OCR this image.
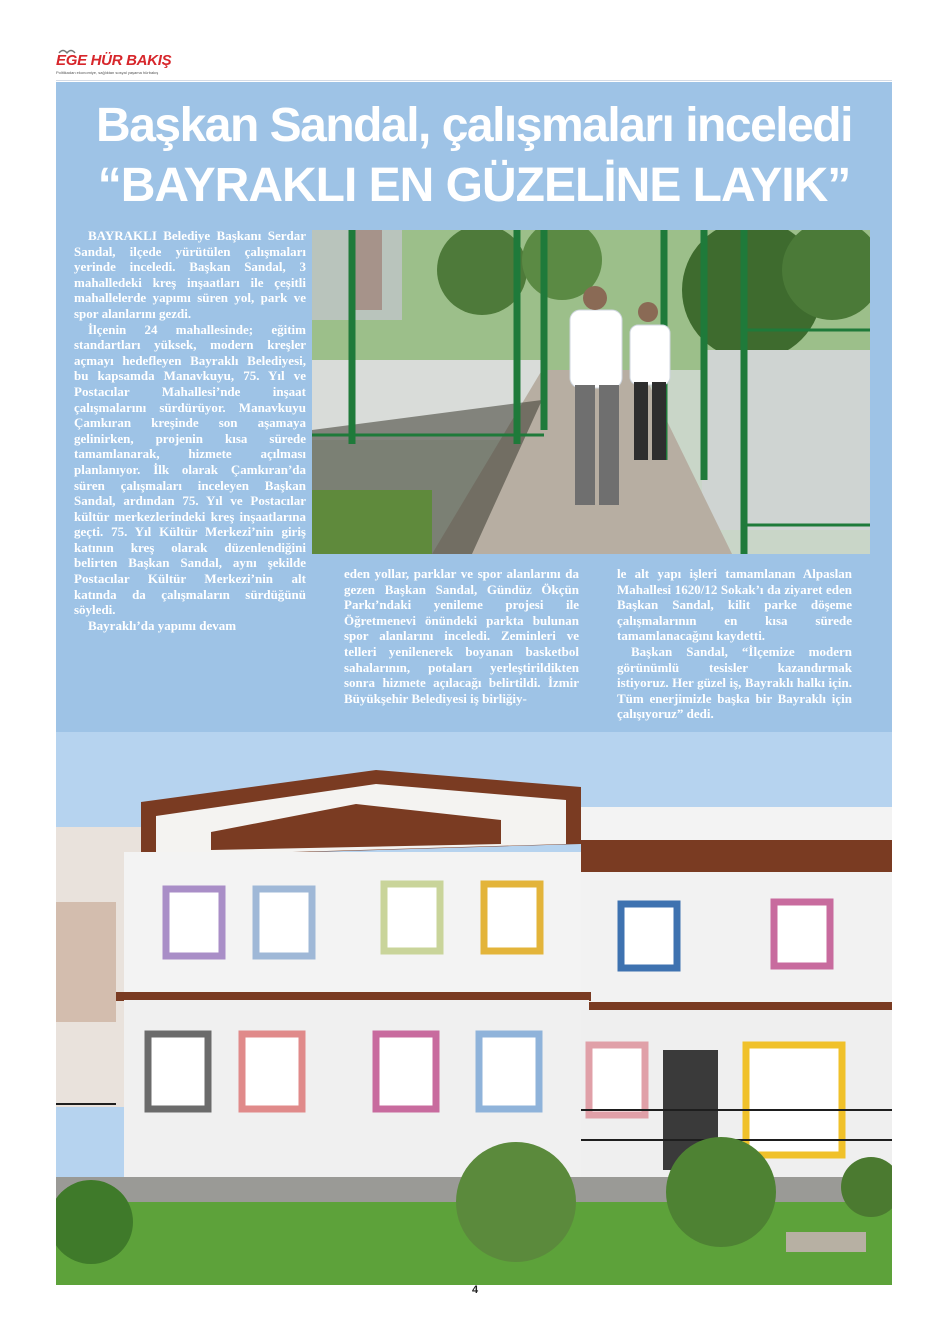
EGE HÜR BAKIŞ
Politikadan ekonomiye, sağlıktan sosyal yaşama hürbakış
Başkan Sandal, çalışmaları inceledi
“BAYRAKLI EN GÜZELİNE LAYIK”

BAYRAKLI Belediye Başkanı Serdar Sandal, ilçede yürütülen çalışmaları yerinde inceledi. Başkan Sandal, 3 mahalledeki kreş inşaatları ile çeşitli mahallelerde yapımı süren yol, park ve spor alanlarını gezdi.

İlçenin 24 mahallesinde; eğitim standartları yüksek, modern kreşler açmayı hedefleyen Bayraklı Belediyesi, bu kapsamda Manavkuyu, 75. Yıl ve Postacılar Mahallesi’nde inşaat çalışmalarını sürdürüyor. Manavkuyu Çamkıran kreşinde son aşamaya gelinirken, projenin kısa sürede tamamlanarak, hizmete açılması planlanıyor. İlk olarak Çamkıran’da süren çalışmaları inceleyen Başkan Sandal, ardından 75. Yıl ve Postacılar kültür merkezlerindeki kreş inşaatlarına geçti. 75. Yıl Kültür Merkezi’nin giriş katının kreş olarak düzenlendiğini belirten Başkan Sandal, aynı şekilde Postacılar Kültür Merkezi’nin alt katında da çalışmaların sürdüğünü söyledi.

Bayraklı’da yapımı devam

eden yollar, parklar ve spor alanlarını da gezen Başkan Sandal, Gündüz Ökçün Parkı’ndaki yenileme projesi ile Öğretmenevi önündeki parkta bulunan spor alanlarını inceledi. Zeminleri ve telleri yenilenerek boyanan basketbol sahalarının, potaları yerleştirildikten sonra hizmete açılacağı belirtildi. İzmir Büyükşehir Belediyesi iş birliğiy-

le alt yapı işleri tamamlanan Alpaslan Mahallesi 1620/12 Sokak’ı da ziyaret eden Başkan Sandal, kilit parke döşeme çalışmalarının en kısa sürede tamamlanacağını kaydetti.

Başkan Sandal, “İlçemize modern görünümlü tesisler kazandırmak istiyoruz. Her güzel iş, Bayraklı halkı için. Tüm enerjimizle başka bir Bayraklı için çalışıyoruz” dedi.

4
